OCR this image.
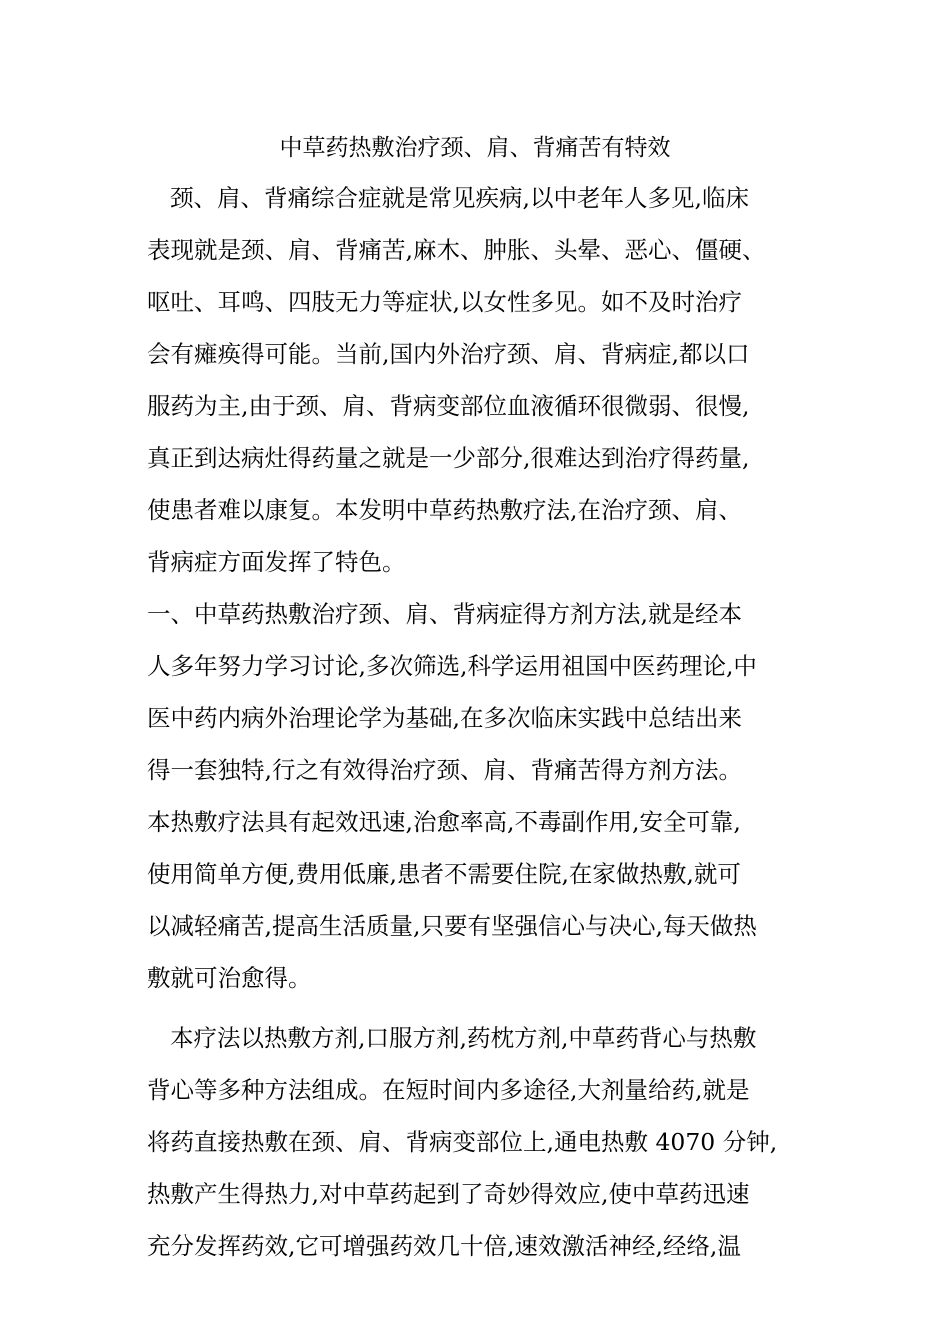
中草药热敷治疗颈、肩、背痛苦有特效
颈、肩、背痛综合症就是常见疾病,以中老年人多见,临床
表现就是颈、肩、背痛苦,麻木、肿胀、头晕、恶心、僵硬、
呕吐、耳鸣、四肢无力等症状,以女性多见。如不及时治疗
会有瘫痪得可能。当前,国内外治疗颈、肩、背病症,都以口
服药为主,由于颈、肩、背病变部位血液循环很微弱、很慢,
真正到达病灶得药量之就是一少部分,很难达到治疗得药量,
使患者难以康复。本发明中草药热敷疗法,在治疗颈、肩、
背病症方面发挥了特色。
一、中草药热敷治疗颈、肩、背病症得方剂方法,就是经本
人多年努力学习讨论,多次筛选,科学运用祖国中医药理论,中
医中药内病外治理论学为基础,在多次临床实践中总结出来
得一套独特,行之有效得治疗颈、肩、背痛苦得方剂方法。
本热敷疗法具有起效迅速,治愈率高,不毒副作用,安全可靠,
使用简单方便,费用低廉,患者不需要住院,在家做热敷,就可
以减轻痛苦,提高生活质量,只要有坚强信心与决心,每天做热
敷就可治愈得。
本疗法以热敷方剂,口服方剂,药枕方剂,中草药背心与热敷
背心等多种方法组成。在短时间内多途径,大剂量给药,就是
将药直接热敷在颈、肩、背病变部位上,通电热敷 4070 分钟,
热敷产生得热力,对中草药起到了奇妙得效应,使中草药迅速
充分发挥药效,它可增强药效几十倍,速效激活神经,经络,温
